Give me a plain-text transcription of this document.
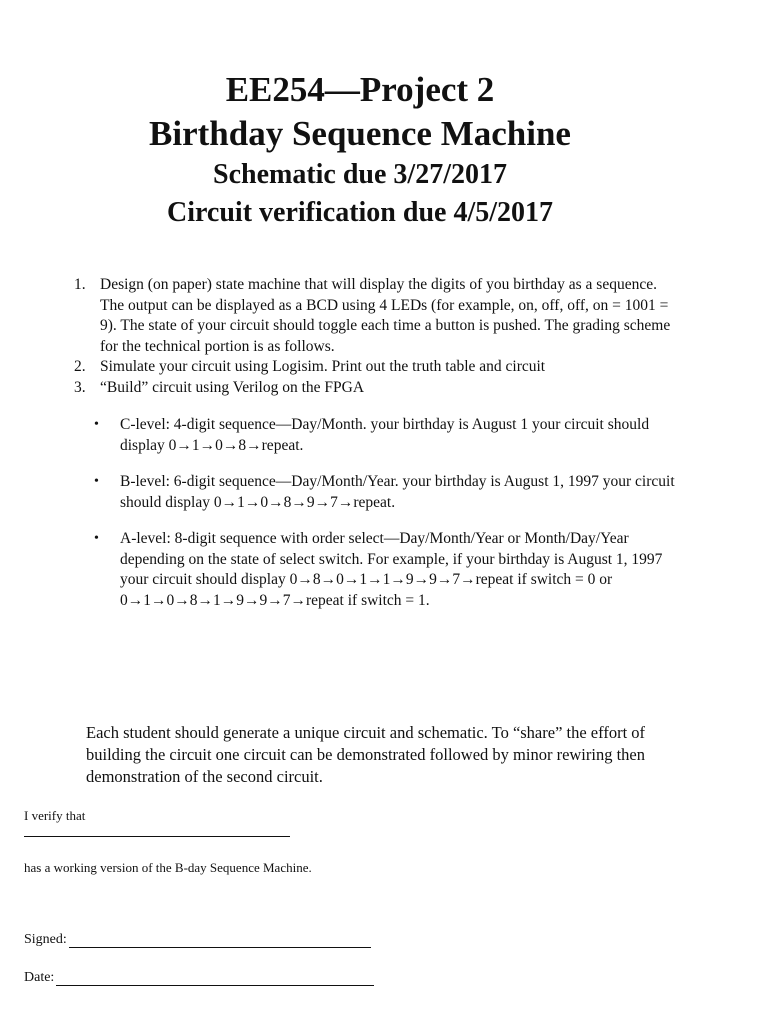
EE254—Project 2
Birthday Sequence Machine
Schematic due 3/27/2017
Circuit verification due 4/5/2017
1. Design (on paper) state machine that will display the digits of you birthday as a sequence. The output can be displayed as a BCD using 4 LEDs (for example, on, off, off, on = 1001 = 9). The state of your circuit should toggle each time a button is pushed. The grading scheme for the technical portion is as follows.
2. Simulate your circuit using Logisim. Print out the truth table and circuit
3. “Build” circuit using Verilog on the FPGA
•	C-level: 4-digit sequence—Day/Month. your birthday is August 1 your circuit should display 0→1→0→8→repeat.
•	B-level: 6-digit sequence—Day/Month/Year. your birthday is August 1, 1997 your circuit should display 0→1→0→8→9→7→repeat.
•	A-level: 8-digit sequence with order select—Day/Month/Year or Month/Day/Year depending on the state of select switch. For example, if your birthday is August 1, 1997 your circuit should display 0→8→0→1→1→9→9→7→repeat if switch = 0 or 0→1→0→8→1→9→9→7→repeat if switch = 1.
Each student should generate a unique circuit and schematic. To “share” the effort of building the circuit one circuit can be demonstrated followed by minor rewiring then demonstration of the second circuit.
I verify that
has a working version of the B-day Sequence Machine.
Signed:
Date:
